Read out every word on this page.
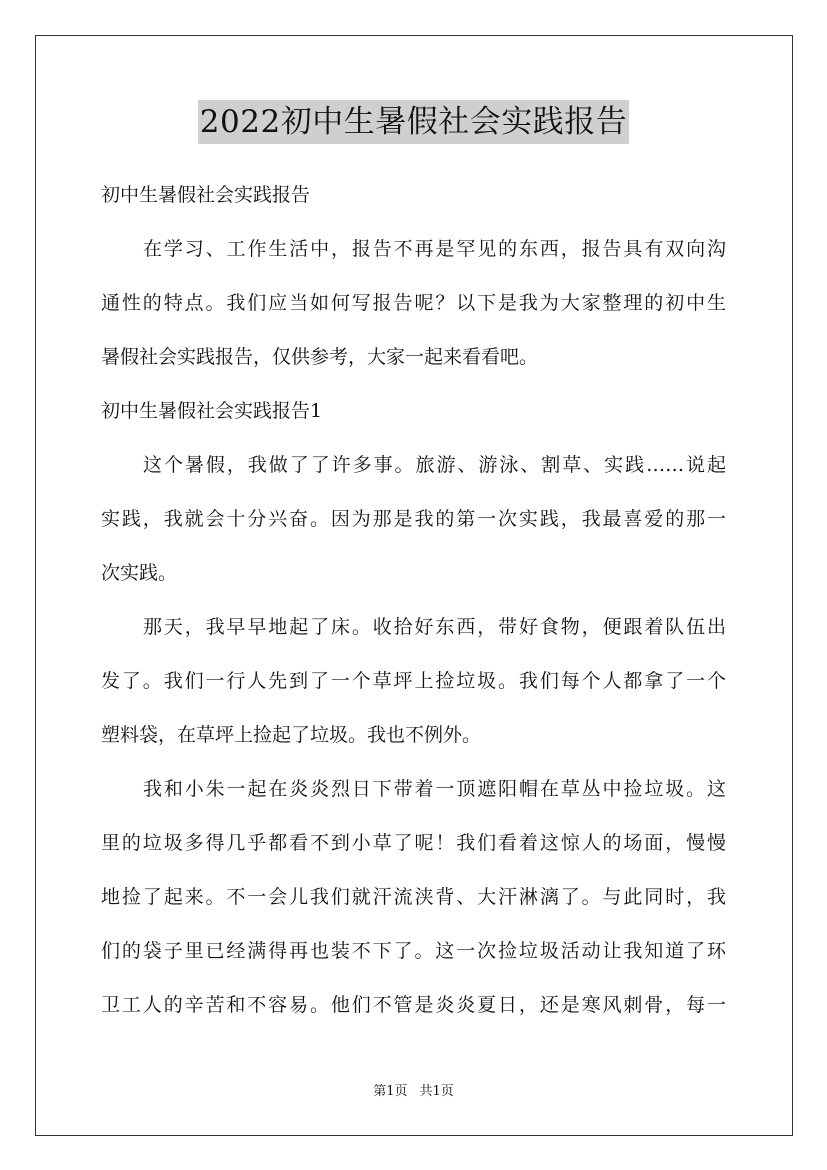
2022初中生暑假社会实践报告
初中生暑假社会实践报告
在学习、工作生活中，报告不再是罕见的东西，报告具有双向沟
通性的特点。我们应当如何写报告呢？以下是我为大家整理的初中生
暑假社会实践报告，仅供参考，大家一起来看看吧。
初中生暑假社会实践报告1
这个暑假，我做了了许多事。旅游、游泳、割草、实践……说起
实践，我就会十分兴奋。因为那是我的第一次实践，我最喜爱的那一
次实践。
那天，我早早地起了床。收拾好东西，带好食物，便跟着队伍出
发了。我们一行人先到了一个草坪上捡垃圾。我们每个人都拿了一个
塑料袋，在草坪上捡起了垃圾。我也不例外。
我和小朱一起在炎炎烈日下带着一顶遮阳帽在草丛中捡垃圾。这
里的垃圾多得几乎都看不到小草了呢！我们看着这惊人的场面，慢慢
地捡了起来。不一会儿我们就汗流浃背、大汗淋漓了。与此同时，我
们的袋子里已经满得再也装不下了。这一次捡垃圾活动让我知道了环
卫工人的辛苦和不容易。他们不管是炎炎夏日，还是寒风刺骨，每一
第1页 共1页
